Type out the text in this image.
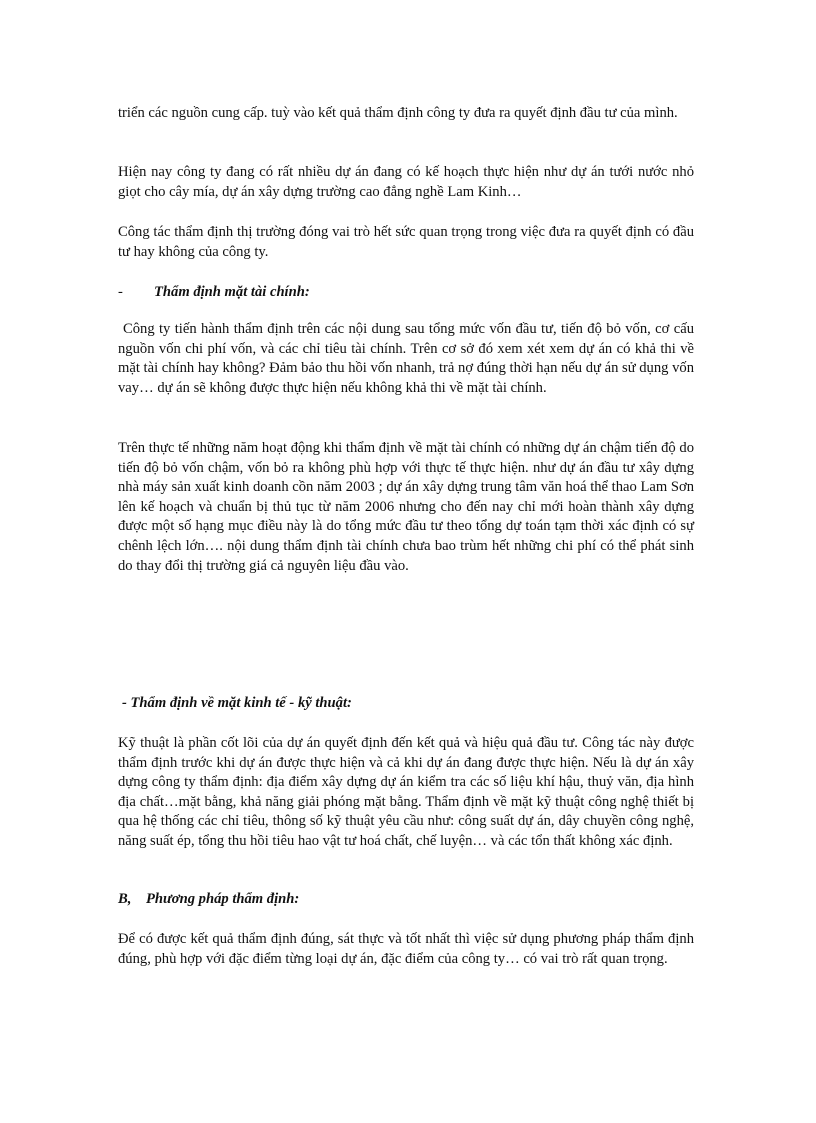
triển các nguồn cung cấp. tuỳ vào kết quả thẩm định công ty đưa ra quyết định đầu tư của mình.

Hiện nay công ty đang có rất nhiều dự án đang có kế hoạch thực hiện như dự án tưới nước nhỏ giọt cho cây mía, dự án xây dựng trường cao đẳng nghề Lam Kinh…

Công tác thẩm định thị trường đóng vai trò hết sức quan trọng trong việc đưa ra quyết định có đầu tư hay không của công ty.

- Thẩm định mặt tài chính:

Công ty tiến hành thẩm định trên các nội dung sau tổng mức vốn đầu tư, tiến độ bỏ vốn, cơ cấu nguồn vốn chi phí vốn, và các chỉ tiêu tài chính. Trên cơ sở đó xem xét xem dự án có khả thi về mặt tài chính hay không? Đảm bảo thu hồi vốn nhanh, trả nợ đúng thời hạn nếu dự án sử dụng vốn vay… dự án sẽ không được thực hiện nếu không khả thi về mặt tài chính.

Trên thực tế những năm hoạt động khi thẩm định về mặt tài chính có những dự án chậm tiến độ do tiến độ bỏ vốn chậm, vốn bỏ ra không phù hợp với thực tế thực hiện. như dự án đầu tư xây dựng nhà máy sản xuất kinh doanh cồn năm 2003 ; dự án xây dựng trung tâm văn hoá thể thao Lam Sơn lên kế hoạch và chuẩn bị thủ tục từ năm 2006 nhưng cho đến nay chỉ mới hoàn thành xây dựng được một số hạng mục điều này là do tổng mức đầu tư theo tổng dự toán tạm thời xác định có sự chênh lệch lớn…. nội dung thẩm định tài chính chưa bao trùm hết những chi phí có thể phát sinh do thay đổi thị trường giá cả nguyên liệu đầu vào.

- Thẩm định về mặt kinh tế - kỹ thuật:

Kỹ thuật là phần cốt lõi của dự án quyết định đến kết quả và hiệu quả đầu tư. Công tác này được thẩm định trước khi dự án được thực hiện và cả khi dự án đang được thực hiện. Nếu là dự án xây dựng công ty thẩm định: địa điểm xây dựng dự án kiểm tra các số liệu khí hậu, thuỷ văn, địa hình địa chất…mặt bằng, khả năng giải phóng mặt bằng. Thẩm định về mặt kỹ thuật công nghệ thiết bị qua hệ thống các chỉ tiêu, thông số kỹ thuật yêu cầu như: công suất dự án, dây chuyền công nghệ, năng suất ép, tổng thu hồi tiêu hao vật tư hoá chất, chế luyện… và các tổn thất không xác định.

B, Phương pháp thẩm định:

Để có được kết quả thẩm định đúng, sát thực và tốt nhất thì việc sử dụng phương pháp thẩm định đúng, phù hợp với đặc điểm từng loại dự án, đặc điểm của công ty… có vai trò rất quan trọng.
